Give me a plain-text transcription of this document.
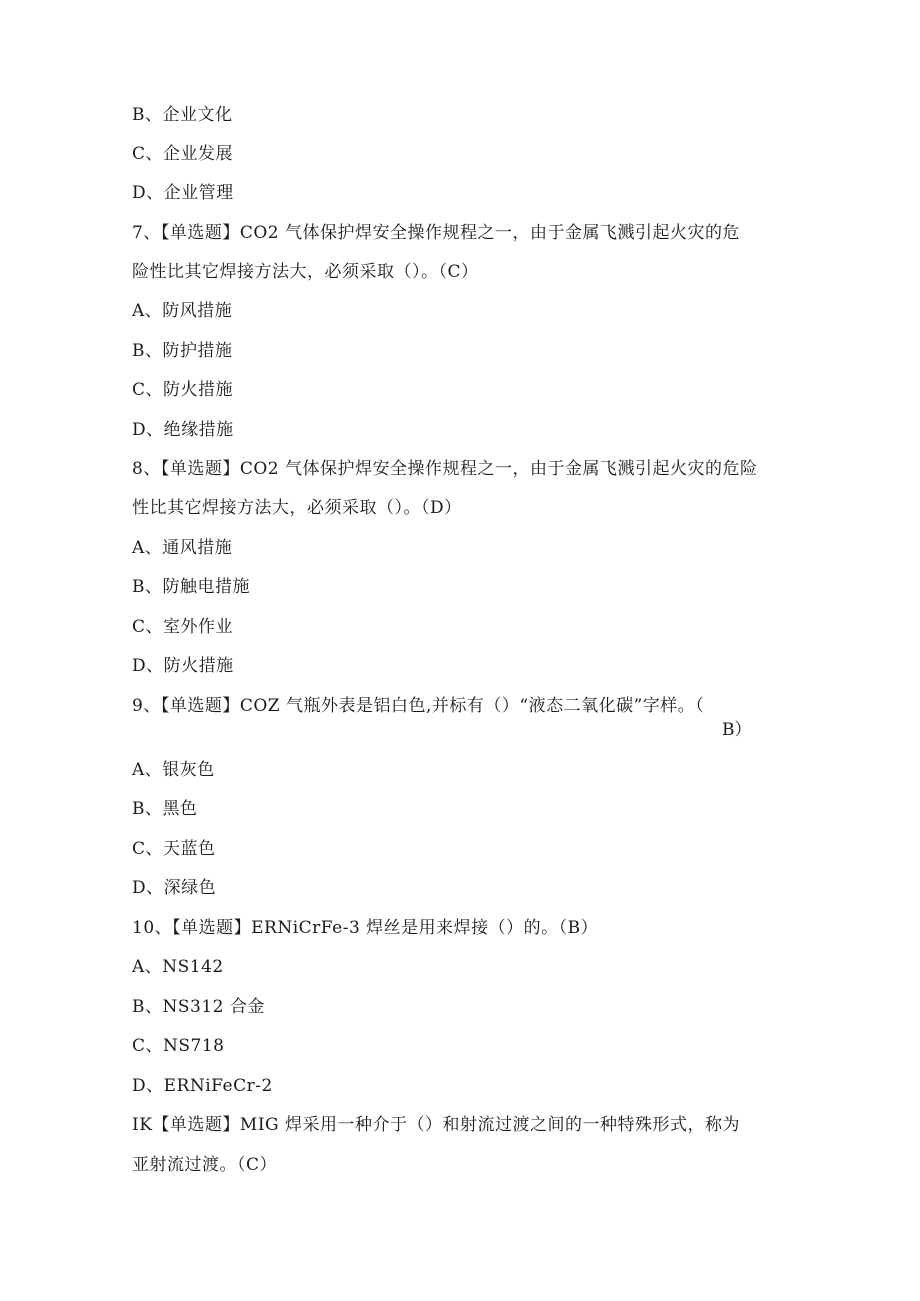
B、企业文化
C、企业发展
D、企业管理
7、【单选题】CO2 气体保护焊安全操作规程之一，由于金属飞溅引起火灾的危
险性比其它焊接方法大，必须采取（）。（C）
A、防风措施
B、防护措施
C、防火措施
D、绝缘措施
8、【单选题】CO2 气体保护焊安全操作规程之一，由于金属飞溅引起火灾的危险
性比其它焊接方法大，必须采取（）。（D）
A、通风措施
B、防触电措施
C、室外作业
D、防火措施
9、【单选题】COZ 气瓶外表是铝白色,并标有（）“液态二氧化碳”字样。（
B）
A、银灰色
B、黑色
C、天蓝色
D、深绿色
10、【单选题】ERNiCrFe-3 焊丝是用来焊接（）的。（B）
A、NS142
B、NS312 合金
C、NS718
D、ERNiFeCr-2
IK【单选题】MIG 焊采用一种介于（）和射流过渡之间的一种特殊形式，称为
亚射流过渡。（C）
